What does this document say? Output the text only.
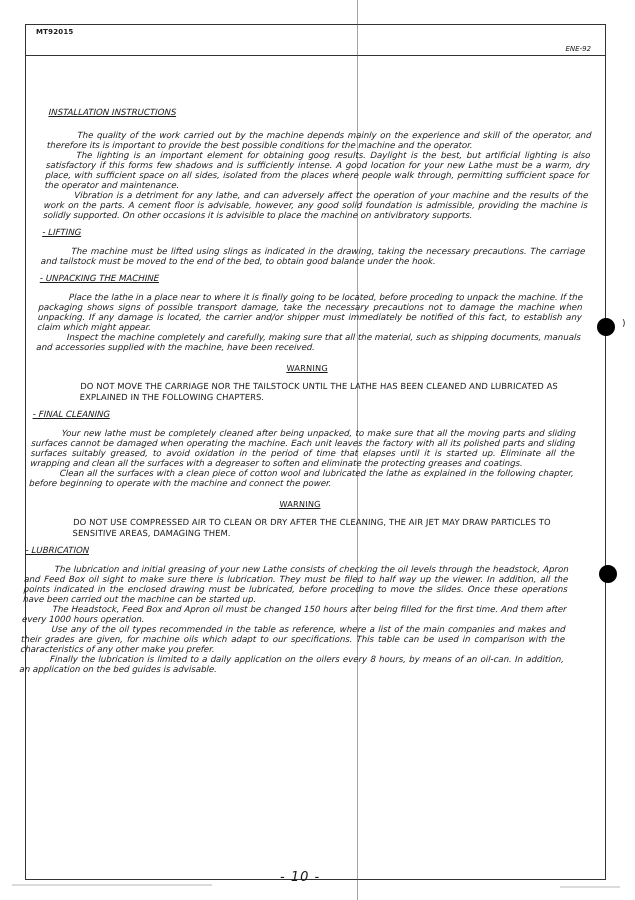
MT92015
ENE-92
)
INSTALLATION INSTRUCTIONS

The quality of the work carried out by the machine depends mainly on the experience and skill of the operator, and therefore its is important to provide the best possible conditions for the machine and the operator.

The lighting is an important element for obtaining goog results. Daylight is the best, but artificial lighting is also satisfactory if this forms few shadows and is sufficiently intense. A good location for your new Lathe must be a warm, dry place, with sufficient space on all sides, isolated from the places where people walk through, permitting sufficient space for the operator and maintenance.

Vibration is a detriment for any lathe, and can adversely affect the operation of your machine and the results of the work on the parts. A cement floor is advisable, however, any good solid foundation is admissible, providing the machine is solidly supported. On other occasions it is advisible to place the machine on antivibratory supports.

- LIFTING

The machine must be lifted using slings as indicated in the drawing, taking the necessary precautions. The carriage and tailstock must be moved to the end of the bed, to obtain good balance under the hook.

- UNPACKING THE MACHINE

Place the lathe in a place near to where it is finally going to be located, before proceding to unpack the machine. If the packaging shows signs of possible transport damage, take the necessary precautions not to damage the machine when unpacking. If any damage is located, the carrier and/or shipper must immediately be notified of this fact, to establish any claim which might appear.

Inspect the machine completely and carefully, making sure that all the material, such as shipping documents, manuals and accessories supplied with the machine, have been received.

WARNING
DO NOT MOVE THE CARRIAGE NOR THE TAILSTOCK UNTIL THE LATHE HAS BEEN CLEANED AND LUBRICATED AS EXPLAINED IN THE FOLLOWING CHAPTERS.
- FINAL CLEANING

Your new lathe must be completely cleaned after being unpacked, to make sure that all the moving parts and sliding surfaces cannot be damaged when operating the machine. Each unit leaves the factory with all its polished parts and sliding surfaces suitably greased, to avoid oxidation in the period of time that elapses until it is started up. Eliminate all the wrapping and clean all the surfaces with a degreaser to soften and eliminate the protecting greases and coatings.

Clean all the surfaces with a clean piece of cotton wool and lubricated the lathe as explained in the following chapter, before beginning to operate with the machine and connect the power.

WARNING
DO NOT USE COMPRESSED AIR TO CLEAN OR DRY AFTER THE CLEANING, THE AIR JET MAY DRAW PARTICLES TO SENSITIVE AREAS, DAMAGING THEM.
- LUBRICATION

The lubrication and initial greasing of your new Lathe consists of checking the oil levels through the headstock, Apron and Feed Box oil sight to make sure there is lubrication. They must be filed to half way up the viewer. In addition, all the points indicated in the enclosed drawing must be lubricated, before proceding to move the slides. Once these operations have been carried out the machine can be started up.

The Headstock, Feed Box and Apron oil must be changed 150 hours after being filled for the first time. And them after every 1000 hours operation.

Use any of the oil types recommended in the table as reference, where a list of the main companies and makes and their grades are given, for machine oils which adapt to our specifications. This table can be used in comparison with the characteristics of any other make you prefer.

Finally the lubrication is limited to a daily application on the oilers every 8 hours, by means of an oil-can. In addition, an application on the bed guides is advisable.

- 10 -
